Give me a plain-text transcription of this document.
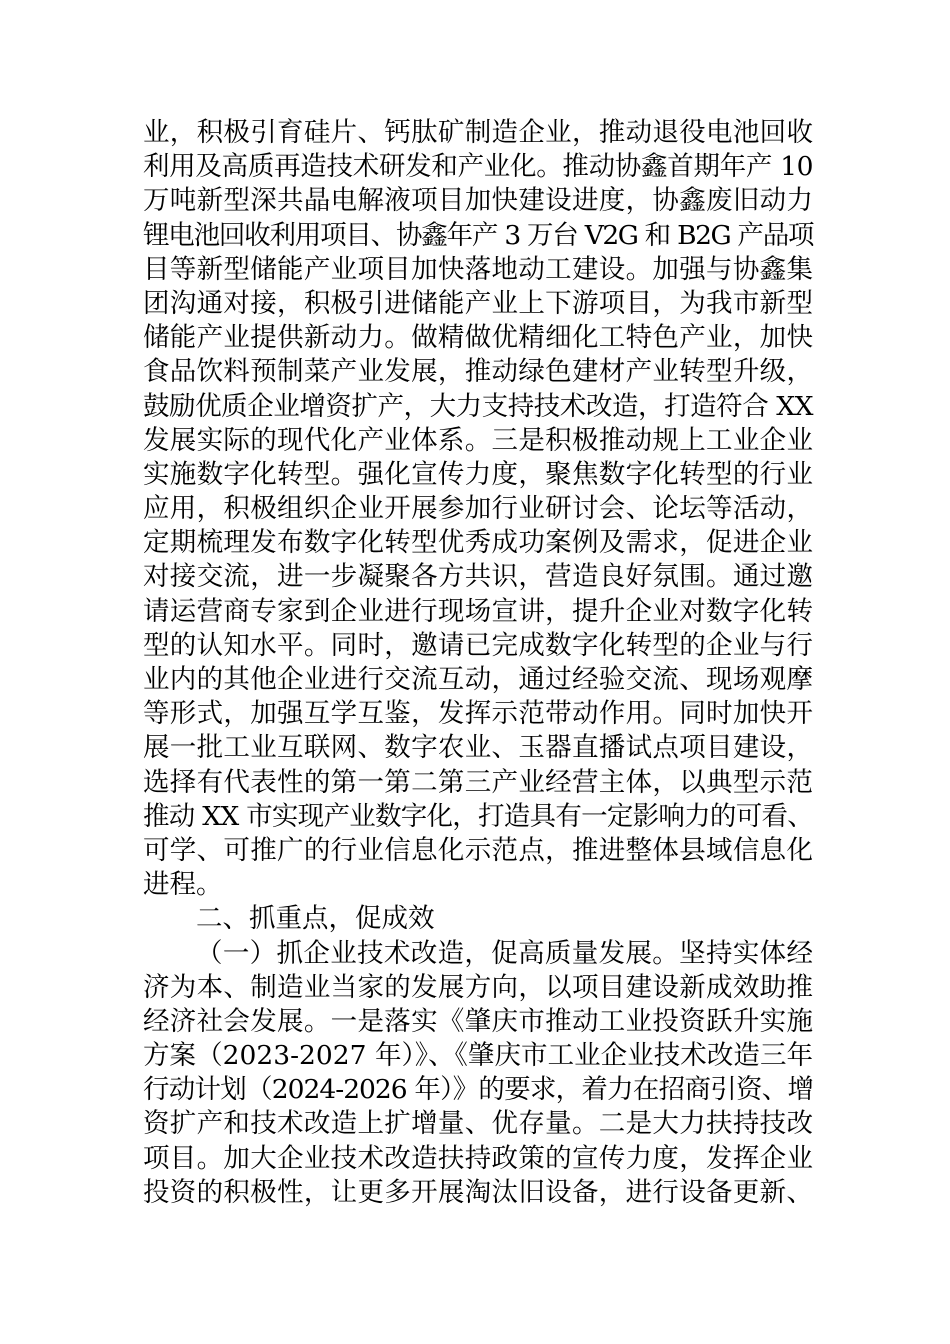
业，积极引育硅片、钙肽矿制造企业，推动退役电池回收
利用及高质再造技术研发和产业化。推动协鑫首期年产 10
万吨新型深共晶电解液项目加快建设进度，协鑫废旧动力
锂电池回收利用项目、协鑫年产 3 万台 V2G 和 B2G 产品项
目等新型储能产业项目加快落地动工建设。加强与协鑫集
团沟通对接，积极引进储能产业上下游项目，为我市新型
储能产业提供新动力。做精做优精细化工特色产业，加快
食品饮料预制菜产业发展，推动绿色建材产业转型升级，
鼓励优质企业增资扩产，大力支持技术改造，打造符合 XX
发展实际的现代化产业体系。三是积极推动规上工业企业
实施数字化转型。强化宣传力度，聚焦数字化转型的行业
应用，积极组织企业开展参加行业研讨会、论坛等活动，
定期梳理发布数字化转型优秀成功案例及需求，促进企业
对接交流，进一步凝聚各方共识，营造良好氛围。通过邀
请运营商专家到企业进行现场宣讲，提升企业对数字化转
型的认知水平。同时，邀请已完成数字化转型的企业与行
业内的其他企业进行交流互动，通过经验交流、现场观摩
等形式，加强互学互鉴，发挥示范带动作用。同时加快开
展一批工业互联网、数字农业、玉器直播试点项目建设，
选择有代表性的第一第二第三产业经营主体，以典型示范
推动 XX 市实现产业数字化，打造具有一定影响力的可看、
可学、可推广的行业信息化示范点，推进整体县域信息化
进程。
二、抓重点，促成效
（一）抓企业技术改造，促高质量发展。坚持实体经
济为本、制造业当家的发展方向，以项目建设新成效助推
经济社会发展。一是落实《肇庆市推动工业投资跃升实施
方案（2023-2027 年）》、《肇庆市工业企业技术改造三年
行动计划（2024-2026 年）》的要求，着力在招商引资、增
资扩产和技术改造上扩增量、优存量。二是大力扶持技改
项目。加大企业技术改造扶持政策的宣传力度，发挥企业
投资的积极性，让更多开展淘汰旧设备，进行设备更新、
